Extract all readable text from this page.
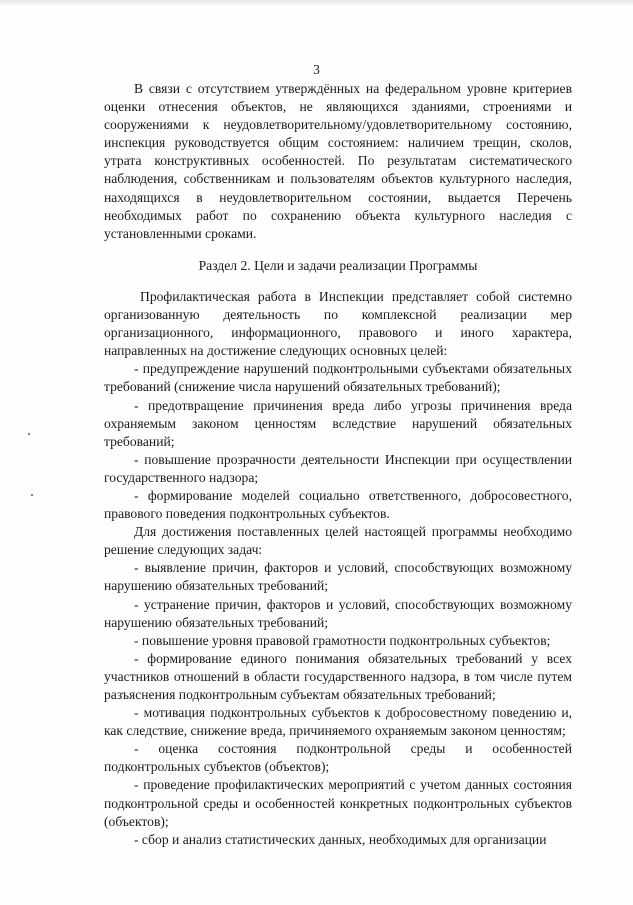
3

В связи с отсутствием утверждённых на федеральном уровне критериев оценки отнесения объектов, не являющихся зданиями, строениями и сооружениями к неудовлетворительному/удовлетворительному состоянию, инспекция руководствуется общим состоянием: наличием трещин, сколов, утрата конструктивных особенностей. По результатам систематического наблюдения, собственникам и пользователям объектов культурного наследия, находящихся в неудовлетворительном состоянии, выдается Перечень необходимых работ по сохранению объекта культурного наследия с установленными сроками.

Раздел 2. Цели и задачи реализации Программы

Профилактическая работа в Инспекции представляет собой системно организованную деятельность по комплексной реализации мер организационного, информационного, правового и иного характера, направленных на достижение следующих основных целей:

- предупреждение нарушений подконтрольными субъектами обязательных требований (снижение числа нарушений обязательных требований);

- предотвращение причинения вреда либо угрозы причинения вреда охраняемым законом ценностям вследствие нарушений обязательных требований;

- повышение прозрачности деятельности Инспекции при осуществлении государственного надзора;

- формирование моделей социально ответственного, добросовестного, правового поведения подконтрольных субъектов.

Для достижения поставленных целей настоящей программы необходимо решение следующих задач:

- выявление причин, факторов и условий, способствующих возможному нарушению обязательных требований;

- устранение причин, факторов и условий, способствующих возможному нарушению обязательных требований;

- повышение уровня правовой грамотности подконтрольных субъектов;

- формирование единого понимания обязательных требований у всех участников отношений в области государственного надзора, в том числе путем разъяснения подконтрольным субъектам обязательных требований;

- мотивация подконтрольных субъектов к добросовестному поведению и, как следствие, снижение вреда, причиняемого охраняемым законом ценностям;

- оценка состояния подконтрольной среды и особенностей подконтрольных субъектов (объектов);

- проведение профилактических мероприятий с учетом данных состояния подконтрольной среды и особенностей конкретных подконтрольных субъектов (объектов);

- сбор и анализ статистических данных, необходимых для организации
